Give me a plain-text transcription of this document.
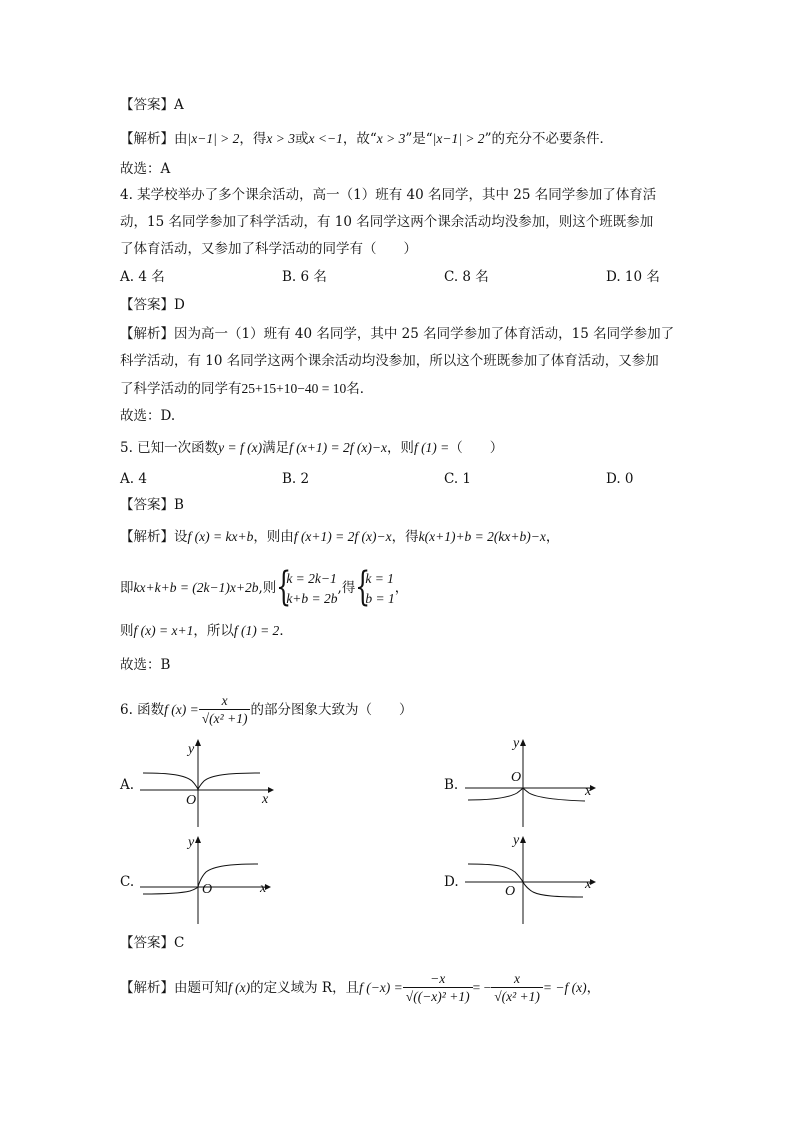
【答案】A
【解析】由|x−1| > 2，得x > 3或x <−1，故“x > 3”是“|x−1| > 2”的充分不必要条件．
故选：A
4. 某学校举办了多个课余活动，高一（1）班有 40 名同学，其中 25 名同学参加了体育活
动，15 名同学参加了科学活动，有 10 名同学这两个课余活动均没参加，则这个班既参加
了体育活动，又参加了科学活动的同学有（　　）
A. 4 名	B. 6 名	C. 8 名	D. 10 名
【答案】D
【解析】因为高一（1）班有 40 名同学，其中 25 名同学参加了体育活动，15 名同学参加了
科学活动，有 10 名同学这两个课余活动均没参加，所以这个班既参加了体育活动，又参加
了科学活动的同学有25+15+10−40 = 10名．
故选：D.
5. 已知一次函数y = f (x)满足f (x+1) = 2f (x)−x，则f (1) =（　　）
A. 4	B. 2	C. 1	D. 0
【答案】B
【解析】设f (x) = kx+b，则由f (x+1) = 2f (x)−x，得k(x+1)+b = 2(kx+b)−x，
即kx+k+b = (2k−1)x+2b,则 {
k = 2k−1
k+b = 2b
,得 {
k = 1
b = 1
，
则f (x) = x+1，所以f (1) = 2．
故选：B
6. 函数f $(x) = \frac{x}{\text{√(x² +1)}}$ 的部分图象大致为（　　）
A.	B.
C.	D.
y
x
O
y
x
O
y
x
O
y
x
O
【答案】C
【解析】由题可知f (x)的定义域为 R，且f $(-x) = \frac{-x}{\text{√((−x)² +1)}}$ = − $\frac{x}{\text{√(x² +1)}} = -f$ (x)，
